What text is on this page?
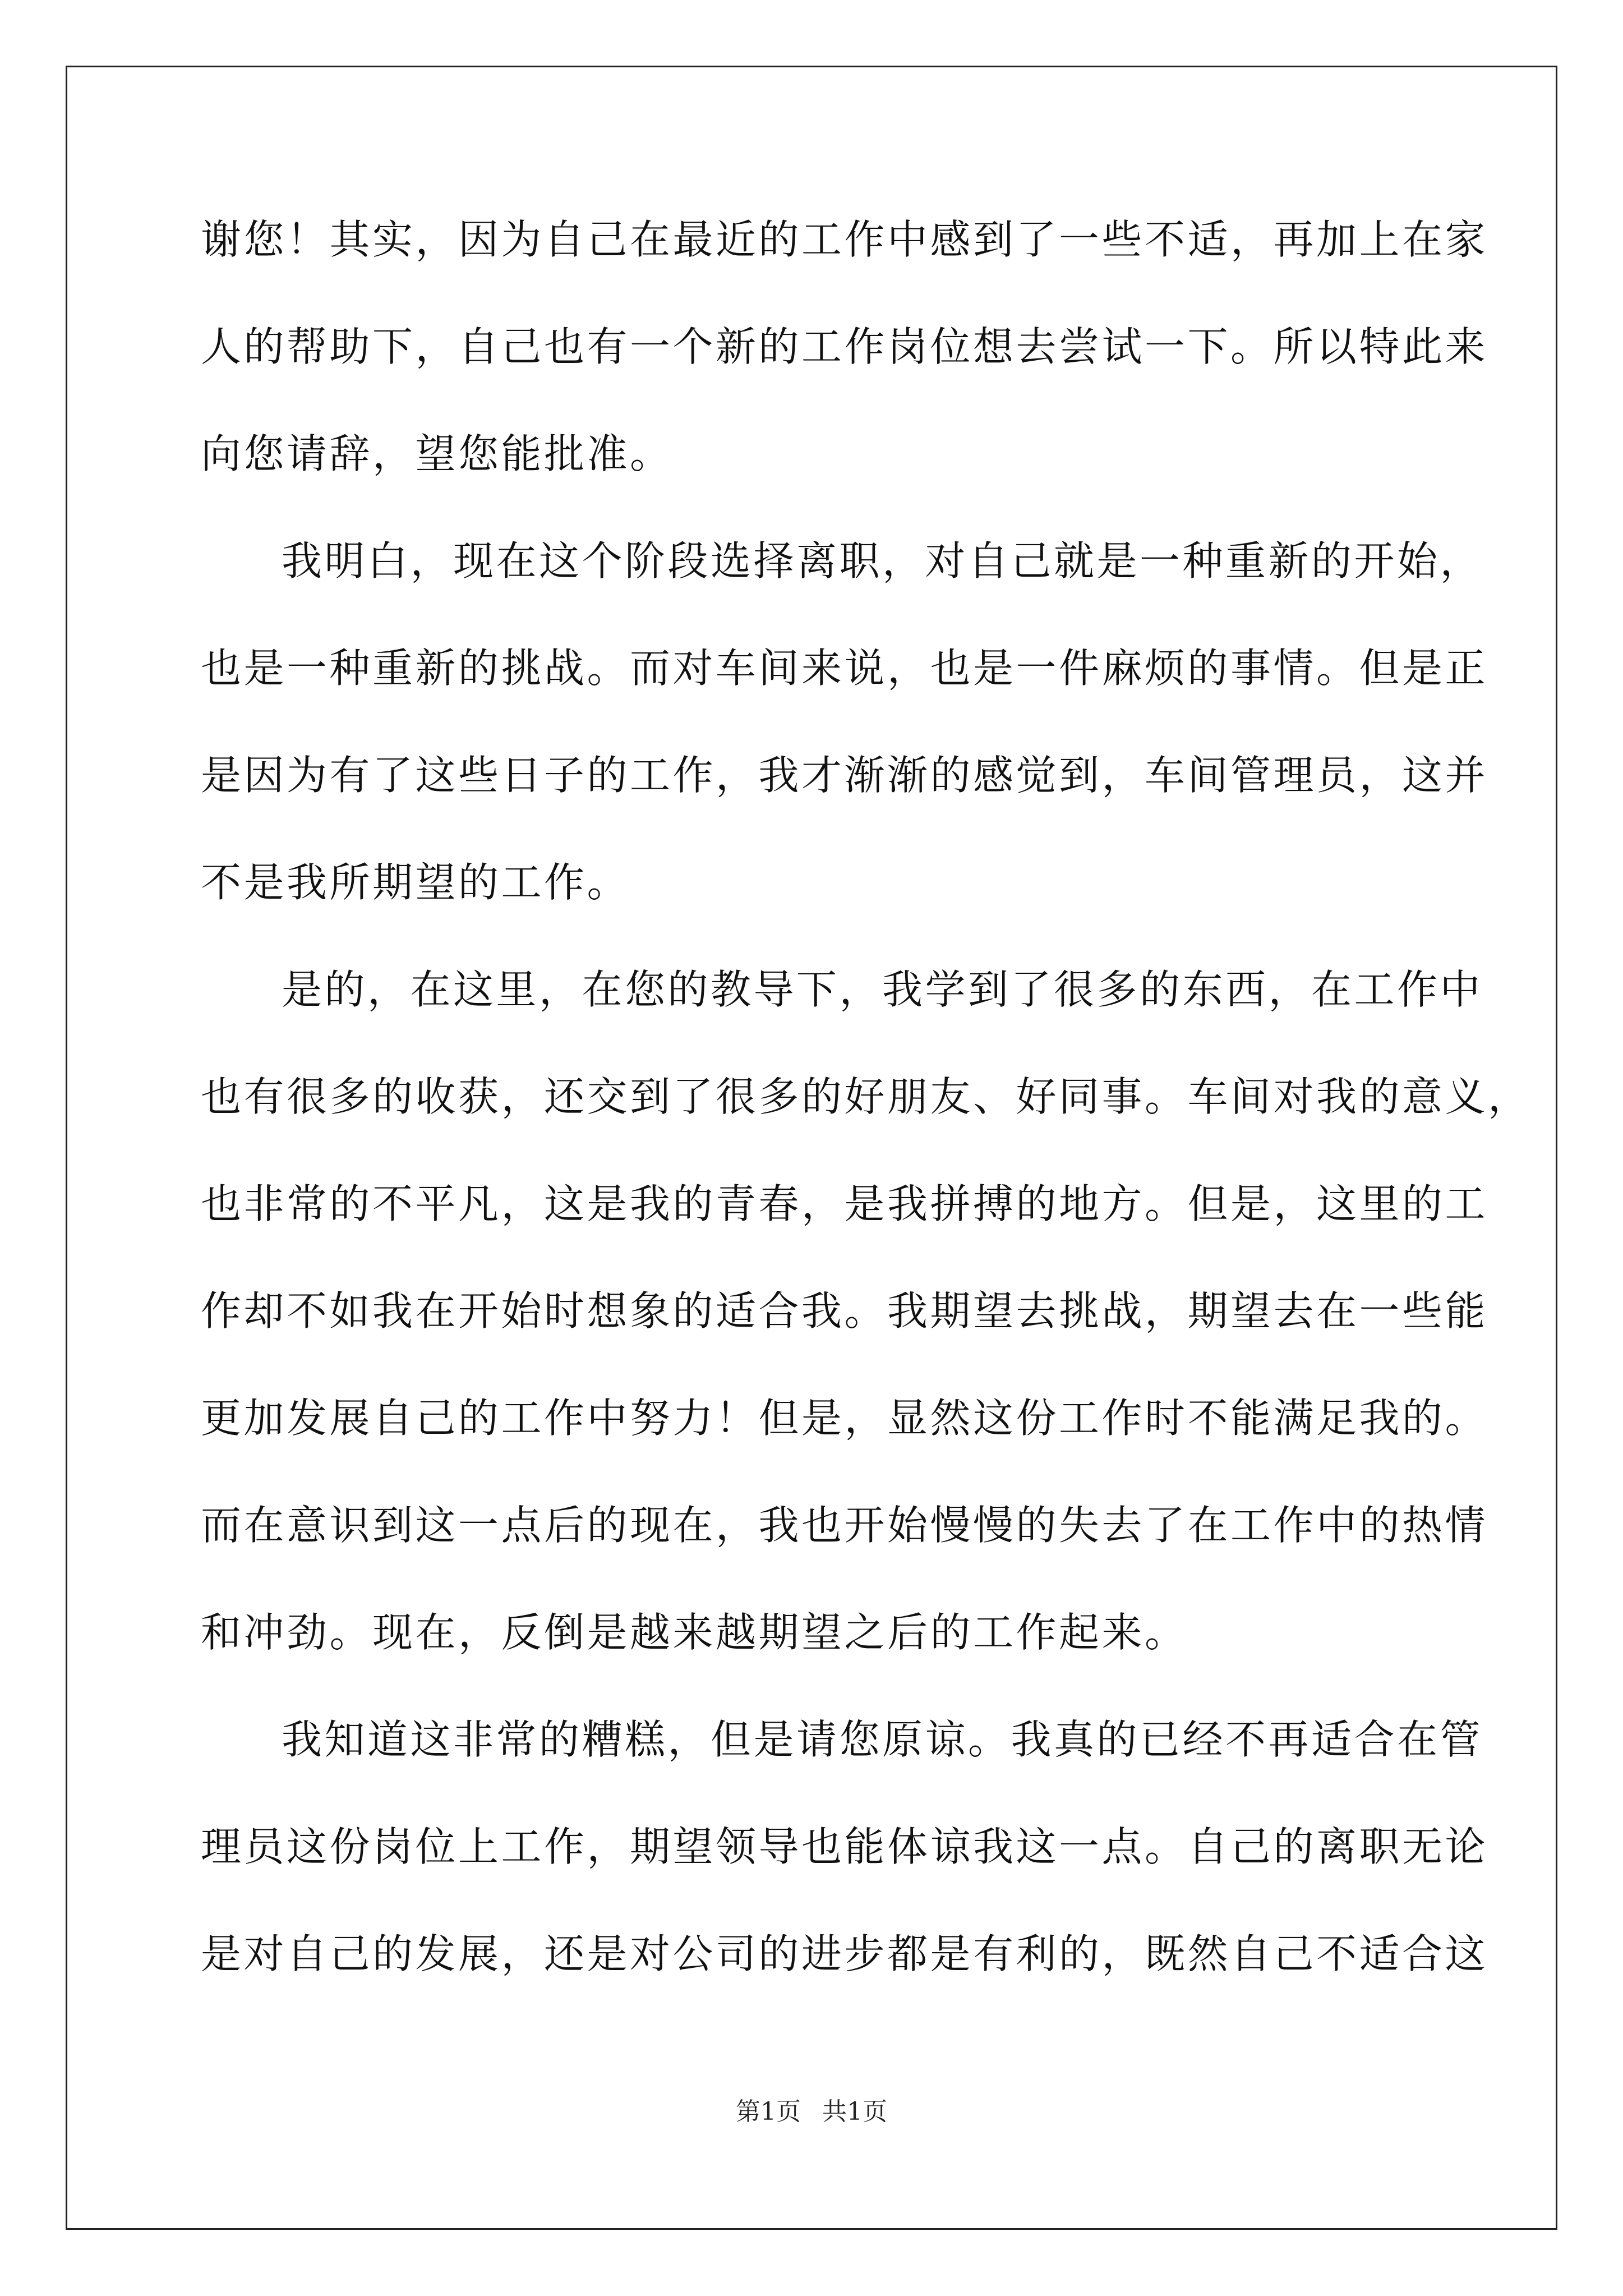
谢您！其实，因为自己在最近的工作中感到了一些不适，再加上在家
人的帮助下，自己也有一个新的工作岗位想去尝试一下。所以特此来
向您请辞，望您能批准。
我明白，现在这个阶段选择离职，对自己就是一种重新的开始，
也是一种重新的挑战。而对车间来说，也是一件麻烦的事情。但是正
是因为有了这些日子的工作，我才渐渐的感觉到，车间管理员，这并
不是我所期望的工作。
是的，在这里，在您的教导下，我学到了很多的东西，在工作中
也有很多的收获，还交到了很多的好朋友、好同事。车间对我的意义，
也非常的不平凡，这是我的青春，是我拼搏的地方。但是，这里的工
作却不如我在开始时想象的适合我。我期望去挑战，期望去在一些能
更加发展自己的工作中努力！但是，显然这份工作时不能满足我的。
而在意识到这一点后的现在，我也开始慢慢的失去了在工作中的热情
和冲劲。现在，反倒是越来越期望之后的工作起来。
我知道这非常的糟糕，但是请您原谅。我真的已经不再适合在管
理员这份岗位上工作，期望领导也能体谅我这一点。自己的离职无论
是对自己的发展，还是对公司的进步都是有利的，既然自己不适合这
第1页 共1页
